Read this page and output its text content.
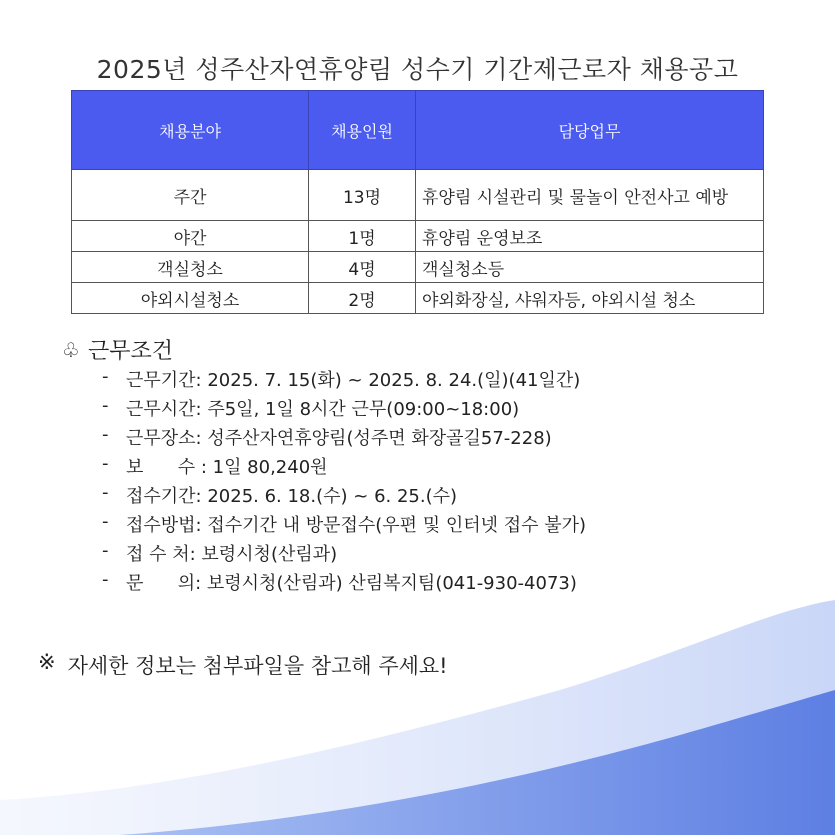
2025년 성주산자연휴양림 성수기 기간제근로자 채용공고
채용분야	채용인원	담당업무
주간	13명	휴양림 시설관리 및 물놀이 안전사고 예방
야간	1명	휴양림 운영보조
객실청소	4명	객실청소등
야외시설청소	2명	야외화장실, 샤워자등, 야외시설 청소
♧ 근무조건
- 근무기간: 2025. 7. 15(화) ~ 2025. 8. 24.(일)(41일간)
- 근무시간: 주5일, 1일 8시간 근무(09:00~18:00)
- 근무장소: 성주산자연휴양림(성주면 화장골길57-228)
- 보      수 : 1일 80,240원
- 접수기간: 2025. 6. 18.(수) ~ 6. 25.(수)
- 접수방법: 접수기간 내 방문접수(우편 및 인터넷 접수 불가)
- 접 수 처: 보령시청(산림과)
- 문      의: 보령시청(산림과) 산림복지팀(041-930-4073)
※ 자세한 정보는 첨부파일을 참고해 주세요!
